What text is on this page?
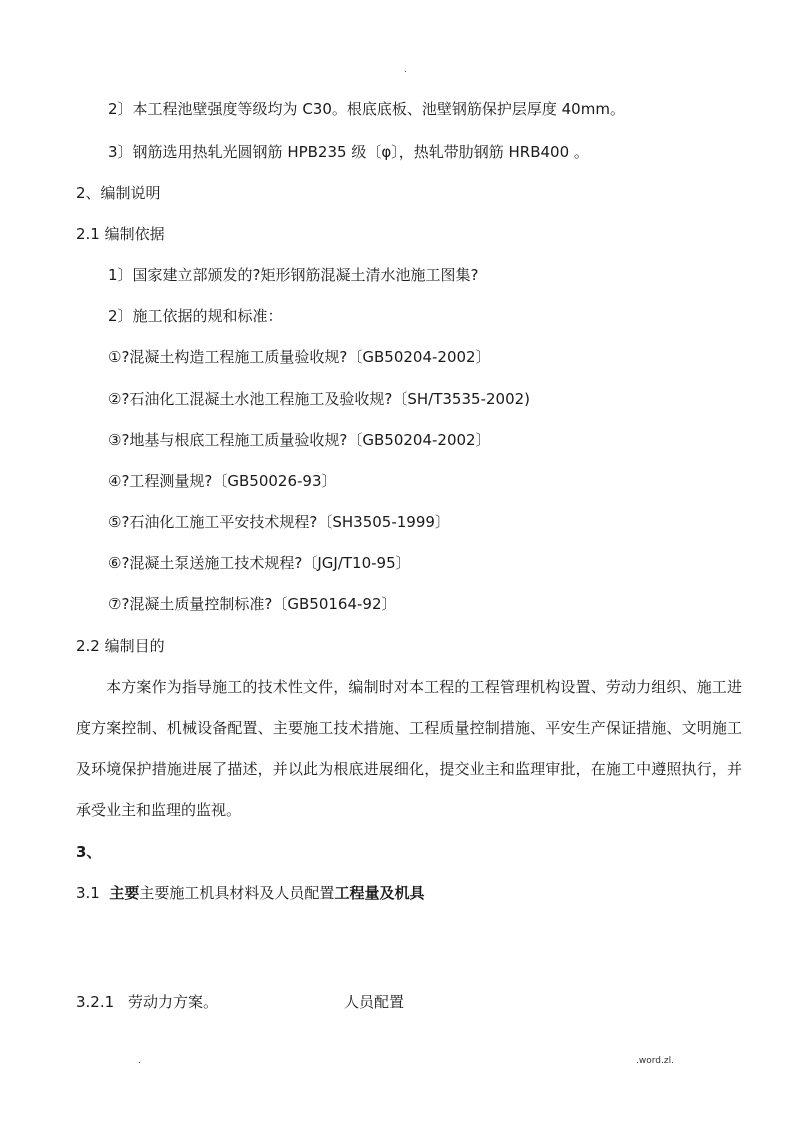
.
2〕本工程池壁强度等级均为 C30。根底底板、池壁钢筋保护层厚度 40mm。
3〕钢筋选用热轧光圆钢筋 HPB235 级〔φ〕，热轧带肋钢筋 HRB400 。
2、编制说明
2.1 编制依据
1〕国家建立部颁发的?矩形钢筋混凝土清水池施工图集?
2〕施工依据的规和标准：
①?混凝土构造工程施工质量验收规?〔GB50204-2002〕
②?石油化工混凝土水池工程施工及验收规?〔SH/T3535-2002)
③?地基与根底工程施工质量验收规?〔GB50204-2002〕
④?工程测量规?〔GB50026-93〕
⑤?石油化工施工平安技术规程?〔SH3505-1999〕
⑥?混凝土泵送施工技术规程?〔JGJ/T10-95〕
⑦?混凝土质量控制标准?〔GB50164-92〕
2.2 编制目的
本方案作为指导施工的技术性文件，编制时对本工程的工程管理机构设置、劳动力组织、施工进度方案控制、机械设备配置、主要施工技术措施、工程质量控制措施、平安生产保证措施、文明施工及环境保护措施进展了描述，并以此为根底进展细化，提交业主和监理审批，在施工中遵照执行，并承受业主和监理的监视。
3、
3.1 主要主要施工机具材料及人员配置工程量及机具
3.2.1 劳动力方案。	人员配置
.	.word.zl.
